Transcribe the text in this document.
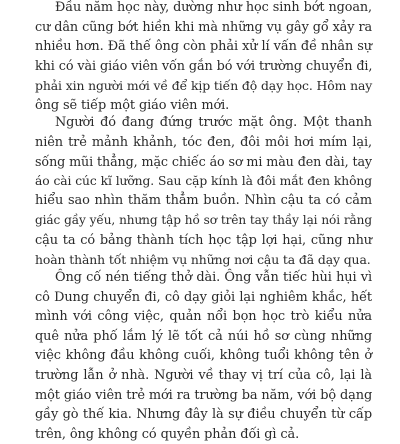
Đầu năm học này, dường như học sinh bớt ngoan,
cư dân cũng bớt hiền khi mà những vụ gây gổ xảy ra
nhiều hơn. Đã thế ông còn phải xử lí vấn đề nhân sự
khi có vài giáo viên vốn gắn bó với trường chuyển đi,
phải xin người mới về để kịp tiến độ dạy học. Hôm nay
ông sẽ tiếp một giáo viên mới.
Người đó đang đứng trước mặt ông. Một thanh
niên trẻ mảnh khảnh, tóc đen, đôi môi hơi mím lại,
sống mũi thẳng, mặc chiếc áo sơ mi màu đen dài, tay
áo cài cúc kĩ lưỡng. Sau cặp kính là đôi mắt đen không
hiểu sao nhìn thăm thẳm buồn. Nhìn cậu ta có cảm
giác gầy yếu, nhưng tập hồ sơ trên tay thầy lại nói rằng
cậu ta có bảng thành tích học tập lợi hại, cũng như
hoàn thành tốt nhiệm vụ những nơi cậu ta đã dạy qua.
Ông cố nén tiếng thở dài. Ông vẫn tiếc hùi hụi vì
cô Dung chuyển đi, cô dạy giỏi lại nghiêm khắc, hết
mình với công việc, quản nổi bọn học trò kiểu nửa
quê nửa phố lắm lý lẽ tốt cả núi hồ sơ cùng những
việc không đầu không cuối, không tuổi không tên ở
trường lẫn ở nhà. Người về thay vị trí của cô, lại là
một giáo viên trẻ mới ra trường ba năm, với bộ dạng
gầy gò thế kia. Nhưng đây là sự điều chuyển từ cấp
trên, ông không có quyền phản đối gì cả.
